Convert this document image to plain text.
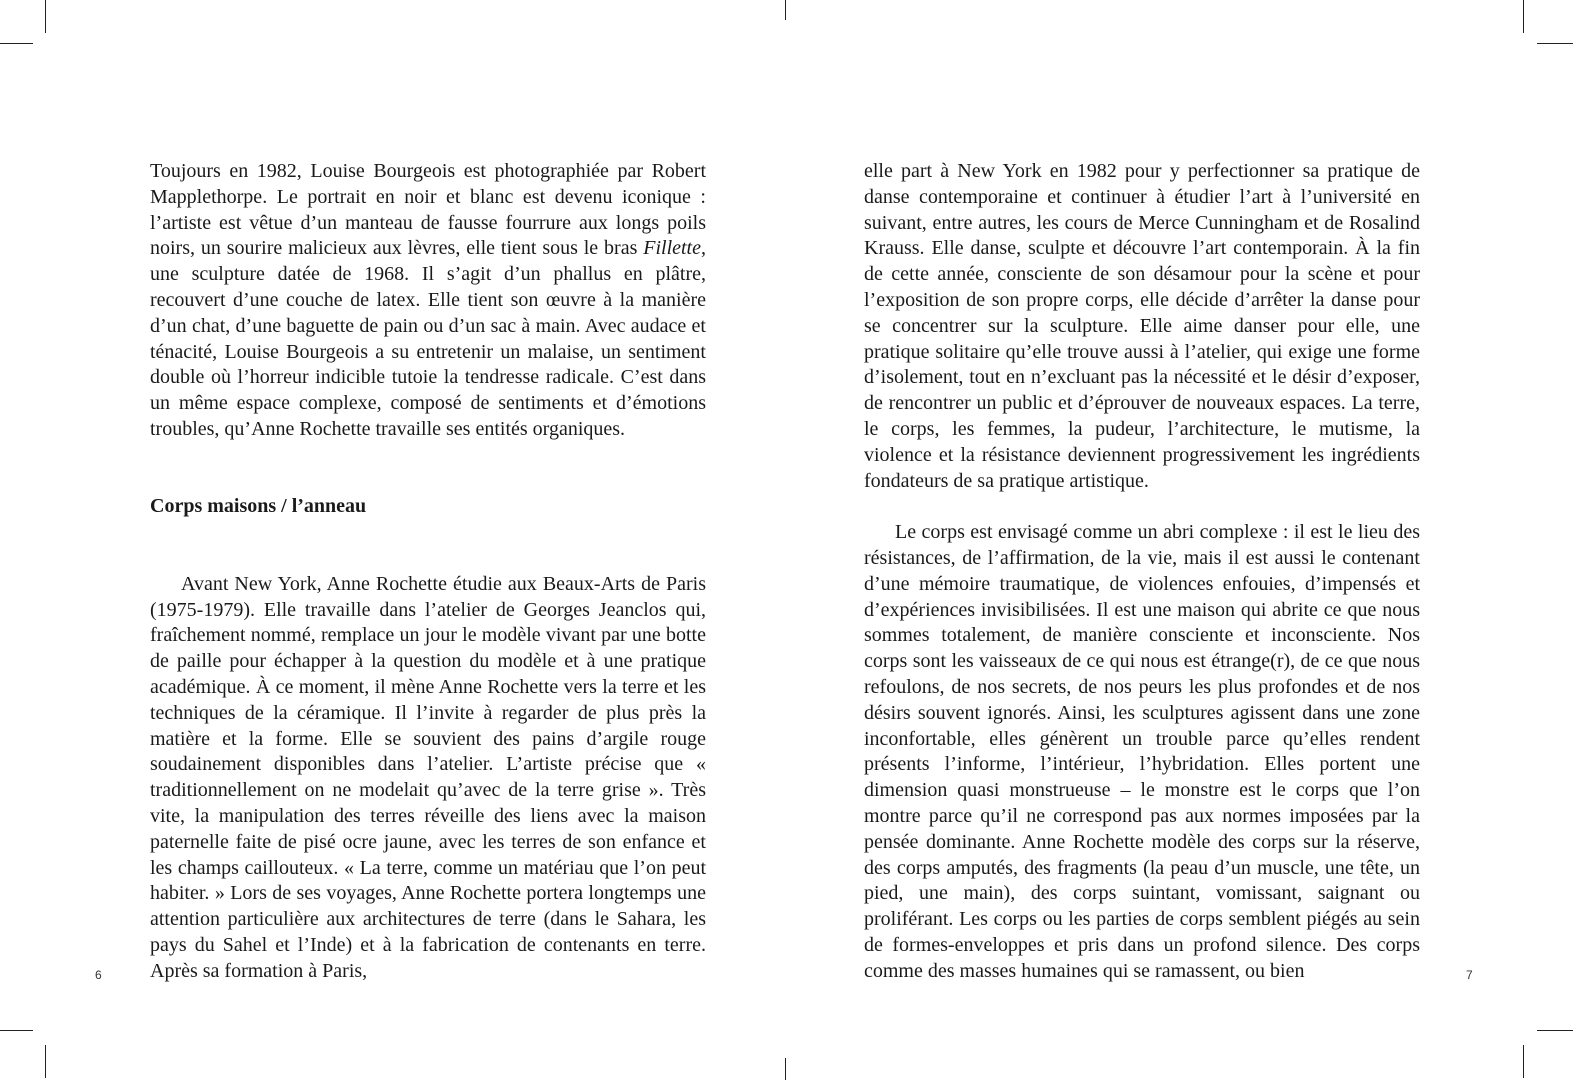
Toujours en 1982, Louise Bourgeois est photographiée par Robert Mapplethorpe. Le portrait en noir et blanc est devenu iconique : l’artiste est vêtue d’un manteau de fausse fourrure aux longs poils noirs, un sourire malicieux aux lèvres, elle tient sous le bras Fillette, une sculpture datée de 1968. Il s’agit d’un phallus en plâtre, recouvert d’une couche de latex. Elle tient son œuvre à la manière d’un chat, d’une baguette de pain ou d’un sac à main. Avec audace et ténacité, Louise Bourgeois a su entretenir un malaise, un sentiment double où l’horreur indicible tutoie la tendresse radicale. C’est dans un même espace complexe, composé de sentiments et d’émotions troubles, qu’Anne Rochette travaille ses entités organiques.

Corps maisons / l’anneau

Avant New York, Anne Rochette étudie aux Beaux-Arts de Paris (1975-1979). Elle travaille dans l’atelier de Georges Jeanclos qui, fraîchement nommé, remplace un jour le modèle vivant par une botte de paille pour échapper à la question du modèle et à une pratique académique. À ce moment, il mène Anne Rochette vers la terre et les techniques de la céramique. Il l’invite à regarder de plus près la matière et la forme. Elle se souvient des pains d’argile rouge soudainement disponibles dans l’atelier. L’artiste précise que « traditionnellement on ne modelait qu’avec de la terre grise ». Très vite, la manipulation des terres réveille des liens avec la maison paternelle faite de pisé ocre jaune, avec les terres de son enfance et les champs caillouteux. « La terre, comme un matériau que l’on peut habiter. » Lors de ses voyages, Anne Rochette portera longtemps une attention particulière aux architectures de terre (dans le Sahara, les pays du Sahel et l’Inde) et à la fabrication de contenants en terre. Après sa formation à Paris,

elle part à New York en 1982 pour y perfectionner sa pratique de danse contemporaine et continuer à étudier l’art à l’université en suivant, entre autres, les cours de Merce Cunningham et de Rosalind Krauss. Elle danse, sculpte et découvre l’art contemporain. À la fin de cette année, consciente de son désamour pour la scène et pour l’exposition de son propre corps, elle décide d’arrêter la danse pour se concentrer sur la sculpture. Elle aime danser pour elle, une pratique solitaire qu’elle trouve aussi à l’atelier, qui exige une forme d’isolement, tout en n’excluant pas la nécessité et le désir d’exposer, de rencontrer un public et d’éprouver de nouveaux espaces. La terre, le corps, les femmes, la pudeur, l’architecture, le mutisme, la violence et la résistance deviennent progressivement les ingrédients fondateurs de sa pratique artistique.

Le corps est envisagé comme un abri complexe : il est le lieu des résistances, de l’affirmation, de la vie, mais il est aussi le contenant d’une mémoire traumatique, de violences enfouies, d’impensés et d’expériences invisibilisées. Il est une maison qui abrite ce que nous sommes totalement, de manière consciente et inconsciente. Nos corps sont les vaisseaux de ce qui nous est étrange(r), de ce que nous refoulons, de nos secrets, de nos peurs les plus profondes et de nos désirs souvent ignorés. Ainsi, les sculptures agissent dans une zone inconfortable, elles génèrent un trouble parce qu’elles rendent présents l’informe, l’intérieur, l’hybridation. Elles portent une dimension quasi monstrueuse – le monstre est le corps que l’on montre parce qu’il ne correspond pas aux normes imposées par la pensée dominante. Anne Rochette modèle des corps sur la réserve, des corps amputés, des fragments (la peau d’un muscle, une tête, un pied, une main), des corps suintant, vomissant, saignant ou proliférant. Les corps ou les parties de corps semblent piégés au sein de formes-enveloppes et pris dans un profond silence. Des corps comme des masses humaines qui se ramassent, ou bien

6	7
